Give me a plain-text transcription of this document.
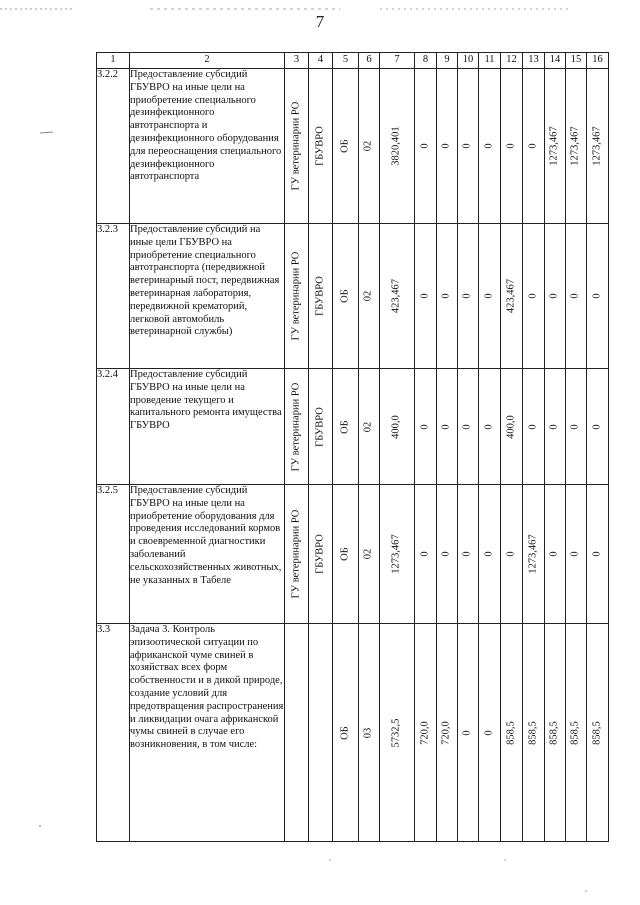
7
1	2	3	4	5	6	7	8	9	10	11	12	13	14	15	16
3.2.2	Предоставление субсидий ГБУВРО на иные цели на приобретение специального дезинфекционного автотранспорта и дезинфекционного оборудования для переоснащения специального дезинфекционного автотранспорта	ГУ ветеринарии РО	ГБУВРО	ОБ	02	3820,401	0	0	0	0	0	0	1273,467	1273,467	1273,467

3.2.3	Предоставление субсидий на иные цели ГБУВРО на приобретение специального автотранспорта (передвижной ветеринарный пост, передвижная ветеринарная лаборатория, передвижной крематорий, легковой автомобиль ветеринарной службы)	ГУ ветеринарии РО	ГБУВРО	ОБ	02	423,467	0	0	0	0	423,467	0	0	0	0

3.2.4	Предоставление субсидий ГБУВРО на иные цели на проведение текущего и капитального ремонта имущества ГБУВРО	ГУ ветеринарии РО	ГБУВРО	ОБ	02	400,0	0	0	0	0	400,0	0	0	0	0

3.2.5	Предоставление субсидий ГБУВРО на иные цели на приобретение оборудования для проведения исследований кормов и своевременной диагностики заболеваний сельскохозяйственных животных, не указанных в Табеле	ГУ ветеринарии РО	ГБУВРО	ОБ	02	1273,467	0	0	0	0	0	1273,467	0	0	0

3.3	Задача 3. Контроль эпизоотической ситуации по африканской чуме свиней в хозяйствах всех форм собственности и в дикой природе, создание условий для предотвращения распространения и ликвидации очага африканской чумы свиней в случае его возникновения, в том числе:			ОБ	03	5732,5	720,0	720,0	0	0	858,5	858,5	858,5	858,5	858,5
